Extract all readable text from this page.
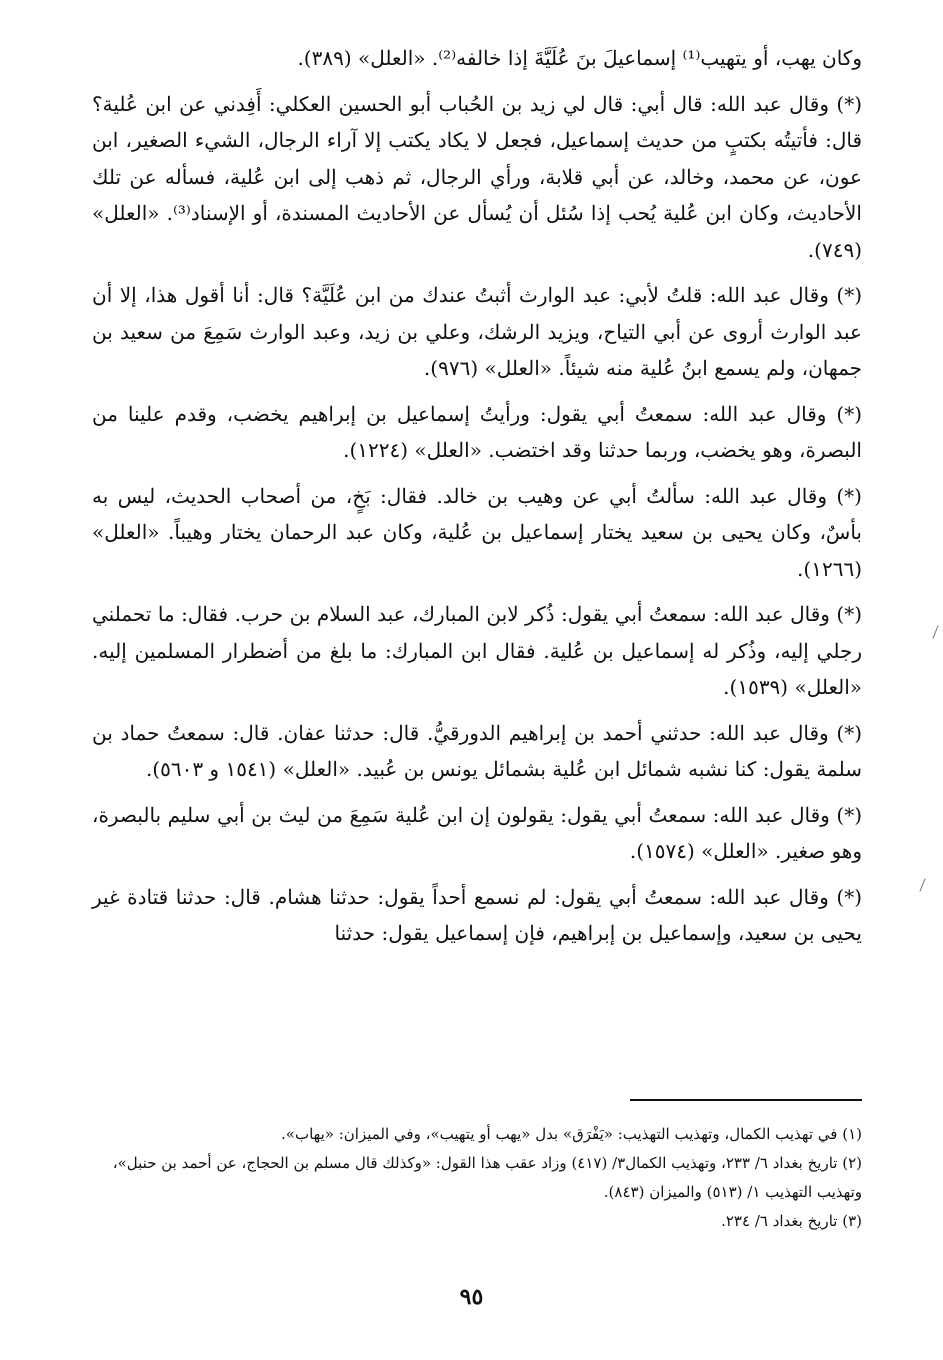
وكان يهب، أو يتهيب⁽¹⁾ إسماعيلَ بنَ عُلَيَّةَ إذا خالفه⁽²⁾. «العلل» (٣٨٩).

(*) وقال عبد الله: قال أبي: قال لي زيد بن الحُباب أبو الحسين العكلي: أَفِدني عن ابن عُلية؟ قال: فأتيتُه بكتبٍ من حديث إسماعيل، فجعل لا يكاد يكتب إلا آراء الرجال، الشيء الصغير، ابن عون، عن محمد، وخالد، عن أبي قلابة، ورأي الرجال، ثم ذهب إلى ابن عُلية، فسأله عن تلك الأحاديث، وكان ابن عُلية يُحب إذا سُئل أن يُسأل عن الأحاديث المسندة، أو الإسناد⁽³⁾. «العلل» (٧٤٩).

(*) وقال عبد الله: قلتُ لأبي: عبد الوارث أثبتُ عندك من ابن عُلَيَّة؟ قال: أنا أقول هذا، إلا أن عبد الوارث أروى عن أبي التياح، ويزيد الرشك، وعلي بن زيد، وعبد الوارث سَمِعَ من سعيد بن جمهان، ولم يسمع ابنُ عُلية منه شيئاً. «العلل» (٩٧٦).

(*) وقال عبد الله: سمعتُ أبي يقول: ورأيتُ إسماعيل بن إبراهيم يخضب، وقدم علينا من البصرة، وهو يخضب، وربما حدثنا وقد اختضب. «العلل» (١٢٢٤).

(*) وقال عبد الله: سألتُ أبي عن وهيب بن خالد. فقال: بَخٍ، من أصحاب الحديث، ليس به بأسٌ، وكان يحيى بن سعيد يختار إسماعيل بن عُلية، وكان عبد الرحمان يختار وهيباً. «العلل» (١٢٦٦).

(*) وقال عبد الله: سمعتُ أبي يقول: ذُكر لابن المبارك، عبد السلام بن حرب. فقال: ما تحملني رجلي إليه، وذُكر له إسماعيل بن عُلية. فقال ابن المبارك: ما بلغ من أضطرار المسلمين إليه. «العلل» (١٥٣٩).

(*) وقال عبد الله: حدثني أحمد بن إبراهيم الدورقيُّ. قال: حدثنا عفان. قال: سمعتُ حماد بن سلمة يقول: كنا نشبه شمائل ابن عُلية بشمائل يونس بن عُبيد. «العلل» (١٥٤١ و ٥٦٠٣).

(*) وقال عبد الله: سمعتُ أبي يقول: يقولون إن ابن عُلية سَمِعَ من ليث بن أبي سليم بالبصرة، وهو صغير. «العلل» (١٥٧٤).

(*) وقال عبد الله: سمعتُ أبي يقول: لم نسمع أحداً يقول: حدثنا هشام. قال: حدثنا قتادة غير يحيى بن سعيد، وإسماعيل بن إبراهيم، فإن إسماعيل يقول: حدثنا

(١) في تهذيب الكمال، وتهذيب التهذيب: «يَفْرَق» بدل «يهب أو يتهيب»، وفي الميزان: «يهاب».

(٢) تاريخ بغداد ٦/ ٢٣٣، وتهذيب الكمال٣/ (٤١٧) وزاد عقب هذا القول: «وكذلك قال مسلم بن الحجاج، عن أحمد بن حنبل»، وتهذيب التهذيب ١/ (٥١٣) والميزان (٨٤٣).

(٣) تاريخ بغداد ٦/ ٢٣٤.

٩٥
